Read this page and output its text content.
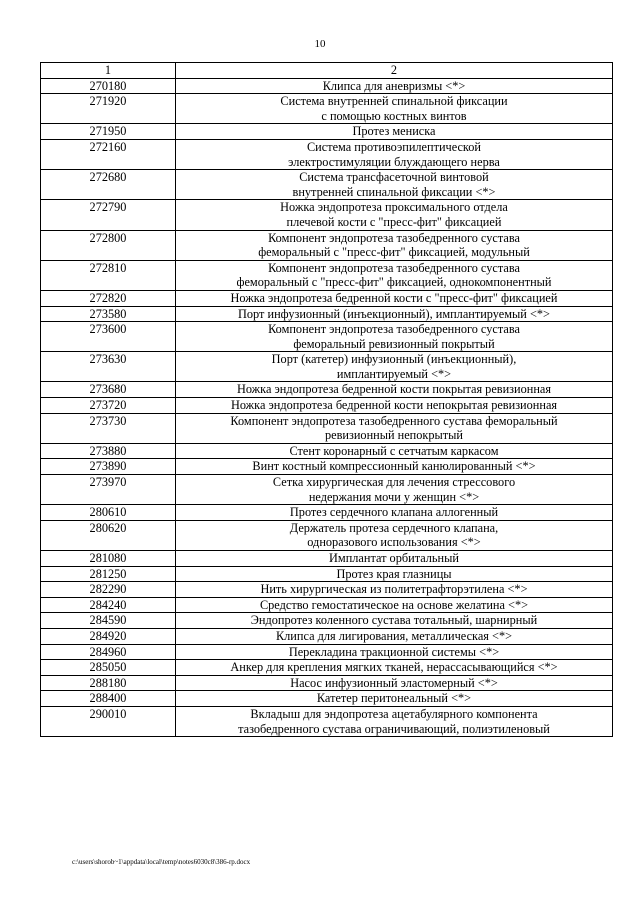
10
1	2
270180	Клипса для аневризмы <*>
271920	Система внутренней спинальной фиксации
с помощью костных винтов
271950	Протез мениска
272160	Система противоэпилептической
электростимуляции блуждающего нерва
272680	Система трансфасеточной винтовой
внутренней спинальной фиксации <*>
272790	Ножка эндопротеза проксимального отдела
плечевой кости с "пресс-фит" фиксацией
272800	Компонент эндопротеза тазобедренного сустава
феморальный с "пресс-фит" фиксацией, модульный
272810	Компонент эндопротеза тазобедренного сустава
феморальный с "пресс-фит" фиксацией, однокомпонентный
272820	Ножка эндопротеза бедренной кости с "пресс-фит" фиксацией
273580	Порт инфузионный (инъекционный), имплантируемый <*>
273600	Компонент эндопротеза тазобедренного сустава
феморальный ревизионный покрытый
273630	Порт (катетер) инфузионный (инъекционный),
имплантируемый <*>
273680	Ножка эндопротеза бедренной кости покрытая ревизионная
273720	Ножка эндопротеза бедренной кости непокрытая ревизионная
273730	Компонент эндопротеза тазобедренного сустава феморальный
ревизионный непокрытый
273880	Стент коронарный с сетчатым каркасом
273890	Винт костный компрессионный канюлированный <*>
273970	Сетка хирургическая для лечения стрессового
недержания мочи у женщин <*>
280610	Протез сердечного клапана аллогенный
280620	Держатель протеза сердечного клапана,
одноразового использования <*>
281080	Имплантат орбитальный
281250	Протез края глазницы
282290	Нить хирургическая из политетрафторэтилена <*>
284240	Средство гемостатическое на основе желатина <*>
284590	Эндопротез коленного сустава тотальный, шарнирный
284920	Клипса для лигирования, металлическая <*>
284960	Перекладина тракционной системы <*>
285050	Анкер для крепления мягких тканей, нерассасывающийся <*>
288180	Насос инфузионный эластомерный <*>
288400	Катетер перитонеальный <*>
290010	Вкладыш для эндопротеза ацетабулярного компонента
тазобедренного сустава ограничивающий, полиэтиленовый
c:\users\shorob~1\appdata\local\temp\notes6030c8\386-rp.docx
